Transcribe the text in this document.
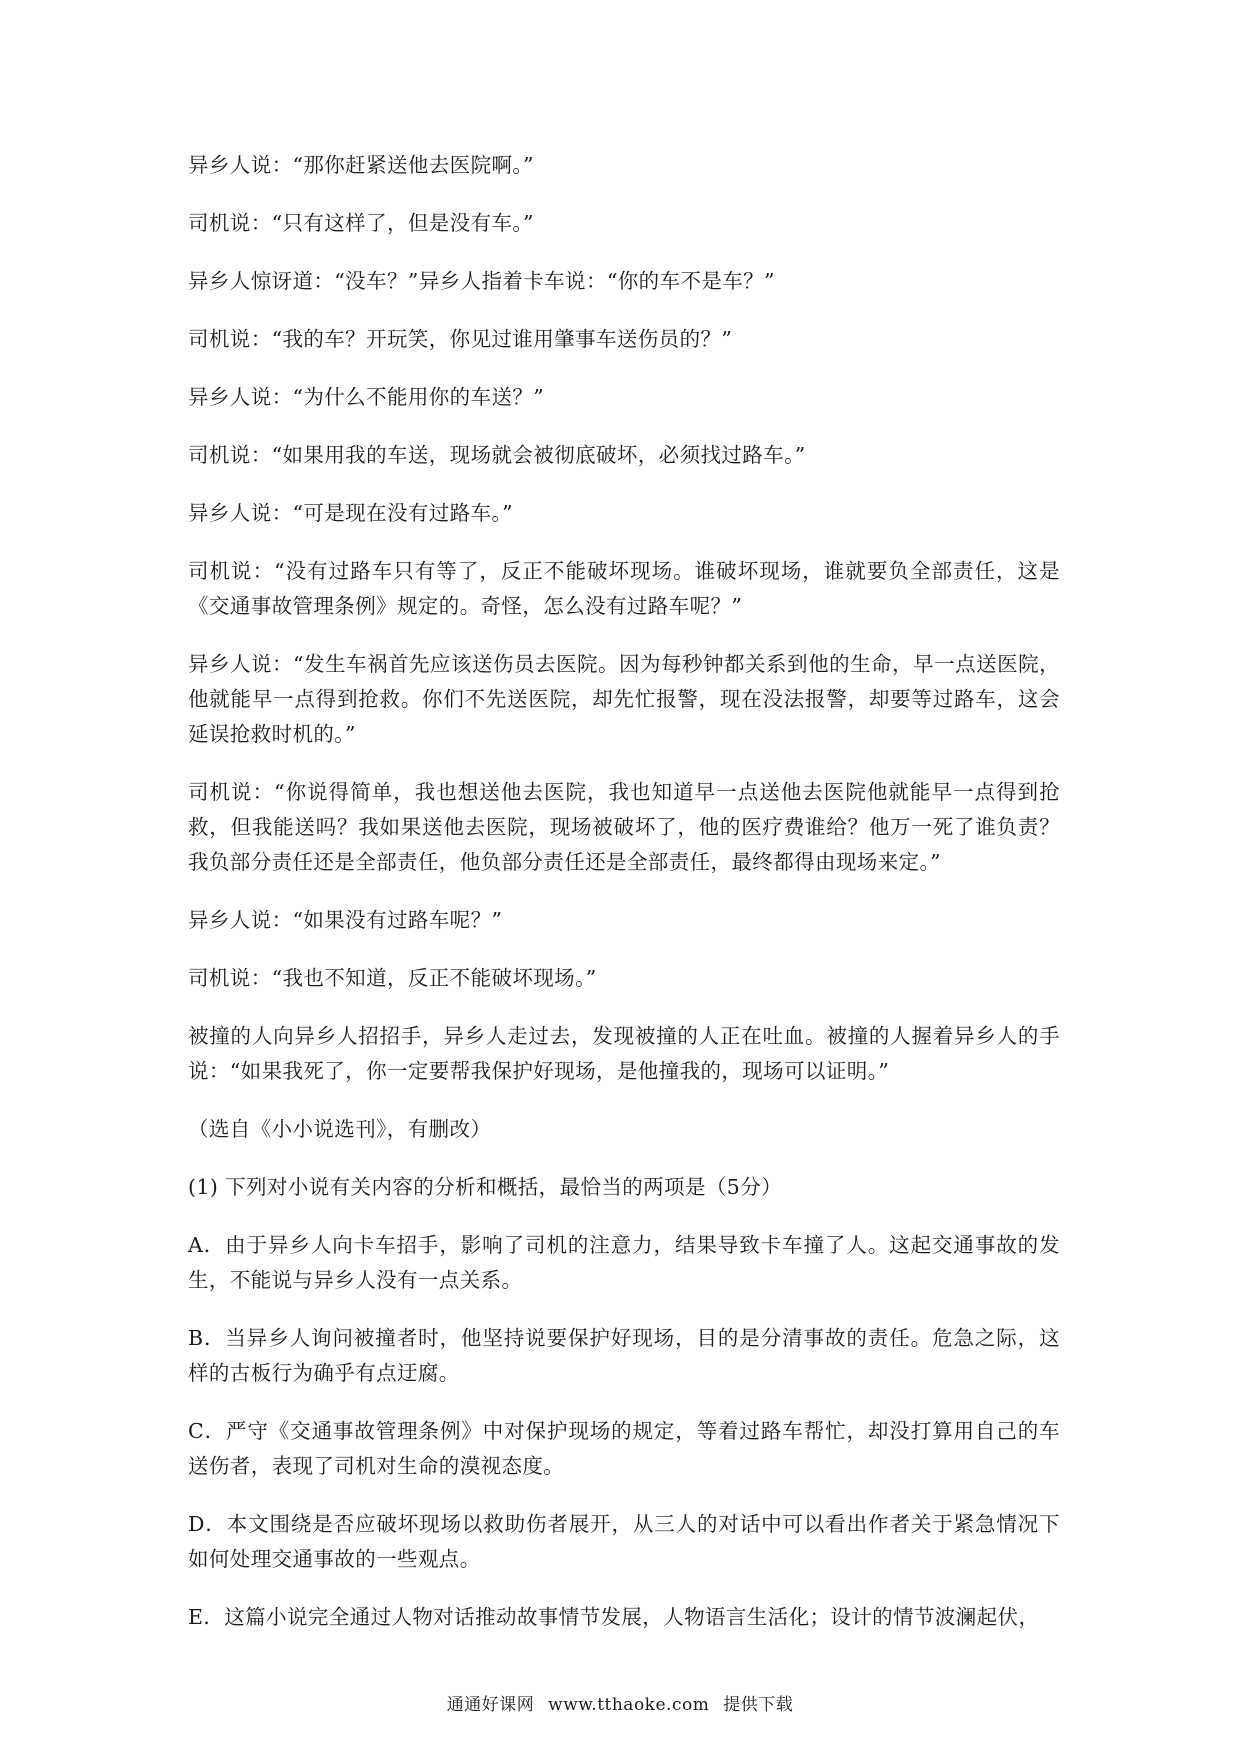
异乡人说：“那你赶紧送他去医院啊。”

司机说：“只有这样了，但是没有车。”

异乡人惊讶道：“没车？”异乡人指着卡车说：“你的车不是车？”

司机说：“我的车？开玩笑，你见过谁用肇事车送伤员的？”

异乡人说：“为什么不能用你的车送？”

司机说：“如果用我的车送，现场就会被彻底破坏，必须找过路车。”

异乡人说：“可是现在没有过路车。”

司机说：“没有过路车只有等了，反正不能破坏现场。谁破坏现场，谁就要负全部责任，这是《交通事故管理条例》规定的。奇怪，怎么没有过路车呢？”

异乡人说：“发生车祸首先应该送伤员去医院。因为每秒钟都关系到他的生命，早一点送医院，他就能早一点得到抢救。你们不先送医院，却先忙报警，现在没法报警，却要等过路车，这会延误抢救时机的。”

司机说：“你说得简单，我也想送他去医院，我也知道早一点送他去医院他就能早一点得到抢救，但我能送吗？我如果送他去医院，现场被破坏了，他的医疗费谁给？他万一死了谁负责？我负部分责任还是全部责任，他负部分责任还是全部责任，最终都得由现场来定。”

异乡人说：“如果没有过路车呢？”

司机说：“我也不知道，反正不能破坏现场。”

被撞的人向异乡人招招手，异乡人走过去，发现被撞的人正在吐血。被撞的人握着异乡人的手说：“如果我死了，你一定要帮我保护好现场，是他撞我的，现场可以证明。”

（选自《小小说选刊》，有删改）

(1) 下列对小说有关内容的分析和概括，最恰当的两项是（5分）

A．由于异乡人向卡车招手，影响了司机的注意力，结果导致卡车撞了人。这起交通事故的发生，不能说与异乡人没有一点关系。

B．当异乡人询问被撞者时，他坚持说要保护好现场，目的是分清事故的责任。危急之际，这样的古板行为确乎有点迂腐。

C．严守《交通事故管理条例》中对保护现场的规定，等着过路车帮忙，却没打算用自己的车送伤者，表现了司机对生命的漠视态度。

D．本文围绕是否应破坏现场以救助伤者展开，从三人的对话中可以看出作者关于紧急情况下如何处理交通事故的一些观点。

E．这篇小说完全通过人物对话推动故事情节发展，人物语言生活化；设计的情节波澜起伏，

通通好课网 www.tthaoke.com 提供下载
